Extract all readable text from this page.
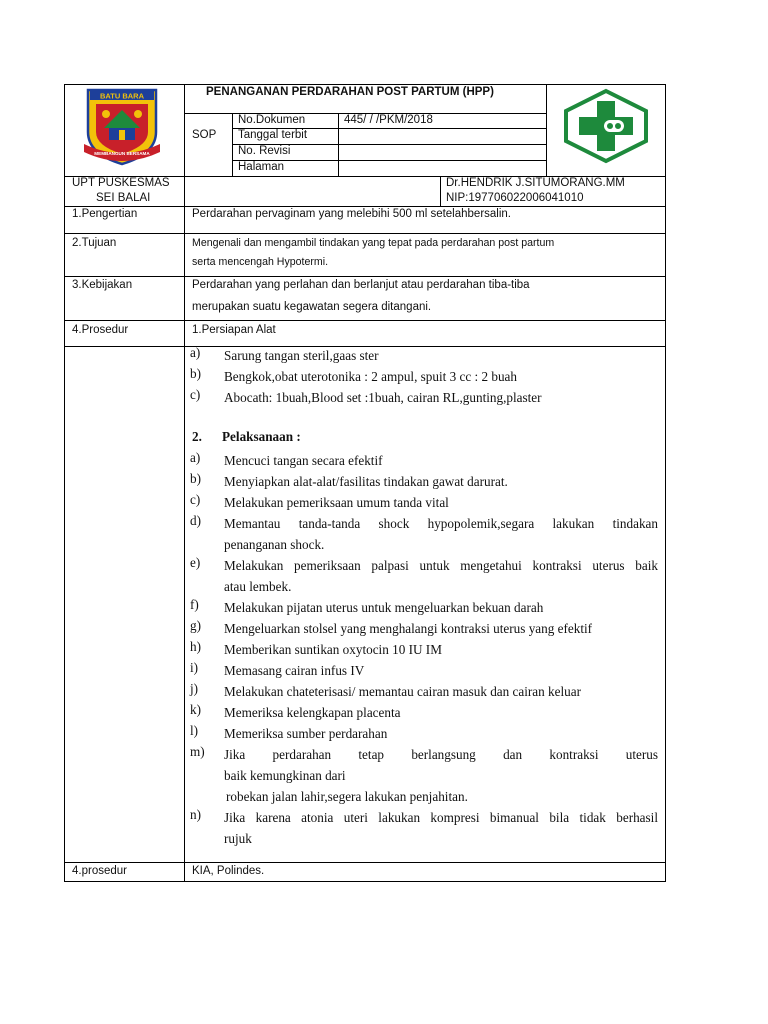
BATU BARA
MEMBANGUN BERSAMA
PENANGANAN PERDARAHAN POST PARTUM (HPP)
SOP
No.Dokumen	445/ / /PKM/2018
Tanggal terbit
No. Revisi
Halaman
UPT PUSKESMAS
SEI BALAI
Dr.HENDRIK J.SITUMORANG.MM
NIP:197706022006041010
1.Pengertian	Perdarahan pervaginam yang melebihi 500 ml setelahbersalin.
2.Tujuan	Mengenali dan mengambil tindakan yang tepat pada perdarahan post partum
serta mencengah Hypotermi.
3.Kebijakan	Perdarahan yang perlahan dan berlanjut atau perdarahan tiba-tiba
merupakan suatu kegawatan segera ditangani.
4.Prosedur	1.Persiapan Alat
a)	Sarung tangan steril,gaas ster
b)	Bengkok,obat uterotonika : 2 ampul, spuit 3 cc : 2 buah
c)	Abocath: 1buah,Blood set :1buah, cairan RL,gunting,plaster
2. Pelaksanaan :
a)	Mencuci tangan secara efektif
b)	Menyiapkan alat-alat/fasilitas tindakan gawat darurat.
c)	Melakukan pemeriksaan umum tanda vital
d)	Memantau tanda-tanda shock hypopolemik,segara lakukan tindakan
penanganan shock.
e)	Melakukan pemeriksaan palpasi untuk mengetahui kontraksi uterus baik
atau lembek.
f)	Melakukan pijatan uterus untuk mengeluarkan bekuan darah
g)	Mengeluarkan stolsel yang menghalangi kontraksi uterus yang efektif
h)	Memberikan suntikan oxytocin 10 IU IM
i)	Memasang cairan infus IV
j)	Melakukan chateterisasi/ memantau cairan masuk dan cairan keluar
k)	Memeriksa kelengkapan placenta
l)	Memeriksa sumber perdarahan
m)	Jika perdarahan tetap berlangsung dan kontraksi uterus
baik kemungkinan dari
robekan jalan lahir,segera lakukan penjahitan.
n)	Jika karena atonia uteri lakukan kompresi bimanual bila tidak berhasil
rujuk
4.prosedur	KIA, Polindes.
